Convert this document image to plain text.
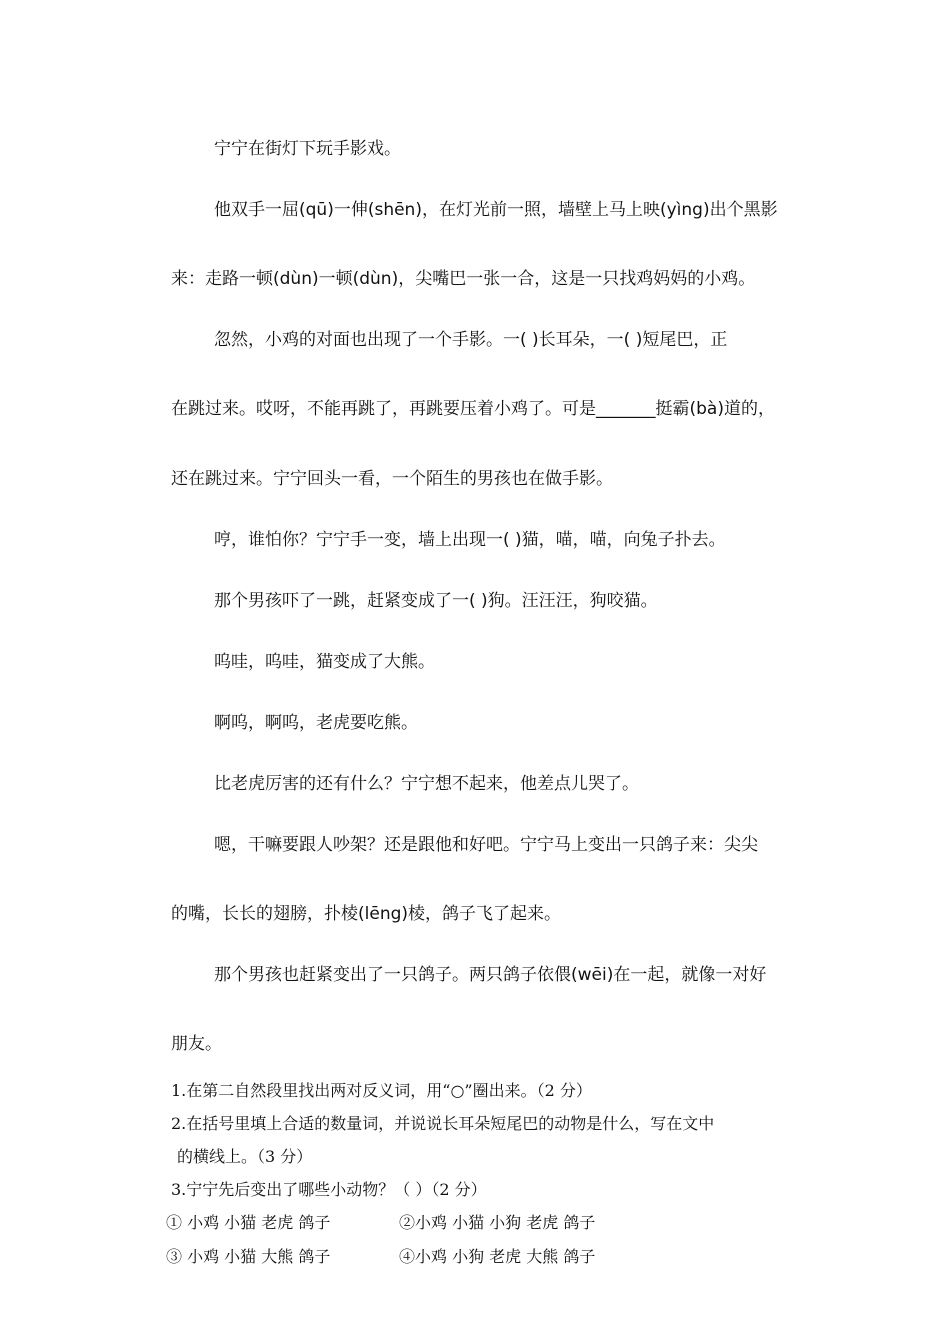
宁宁在街灯下玩手影戏。
他双手一屈(qū)一伸(shēn)，在灯光前一照，墙壁上马上映(yìng)出个黑影
来：走路一顿(dùn)一顿(dùn)，尖嘴巴一张一合，这是一只找鸡妈妈的小鸡。
忽然，小鸡的对面也出现了一个手影。一( )长耳朵，一( )短尾巴，正
在跳过来。哎呀，不能再跳了，再跳要压着小鸡了。可是_______挺霸(bà)道的，
还在跳过来。宁宁回头一看，一个陌生的男孩也在做手影。
哼，谁怕你？宁宁手一变，墙上出现一( )猫，喵，喵，向兔子扑去。
那个男孩吓了一跳，赶紧变成了一( )狗。汪汪汪，狗咬猫。
呜哇，呜哇，猫变成了大熊。
啊呜，啊呜，老虎要吃熊。
比老虎厉害的还有什么？宁宁想不起来，他差点儿哭了。
嗯，干嘛要跟人吵架？还是跟他和好吧。宁宁马上变出一只鸽子来：尖尖
的嘴，长长的翅膀，扑棱(lēng)棱，鸽子飞了起来。
那个男孩也赶紧变出了一只鸽子。两只鸽子依偎(wēi)在一起，就像一对好
朋友。
1.在第二自然段里找出两对反义词，用“○”圈出来。（2 分）
2.在括号里填上合适的数量词，并说说长耳朵短尾巴的动物是什么，写在文中
的横线上。（3 分）
3.宁宁先后变出了哪些小动物？（ ）（2 分）
① 小鸡 小猫 老虎 鸽子	②小鸡 小猫 小狗 老虎 鸽子
③ 小鸡 小猫 大熊 鸽子	④小鸡 小狗 老虎 大熊 鸽子
